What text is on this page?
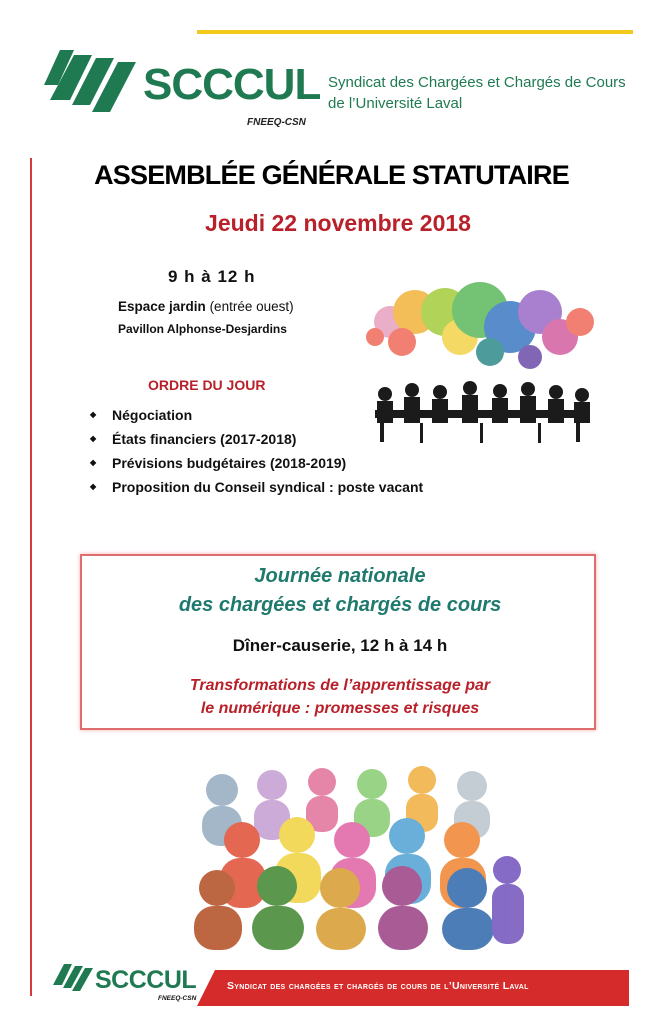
SCCCUL
FNEEQ-CSN
Syndicat des Chargées et Chargés de Cours
de l’Université Laval
ASSEMBLÉE GÉNÉRALE STATUTAIRE
Jeudi 22 novembre 2018
9 h à 12 h
Espace jardin (entrée ouest)
Pavillon Alphonse-Desjardins
ORDRE DU JOUR
◆ Négociation
◆ États financiers (2017-2018)
◆ Prévisions budgétaires (2018-2019)
◆ Proposition du Conseil syndical : poste vacant
Journée nationale
des chargées et chargés de cours
Dîner-causerie, 12 h à 14 h
Transformations de l’apprentissage par
le numérique : promesses et risques
SCCCUL
FNEEQ-CSN
Syndicat des chargées et chargés de cours de l’Université Laval
